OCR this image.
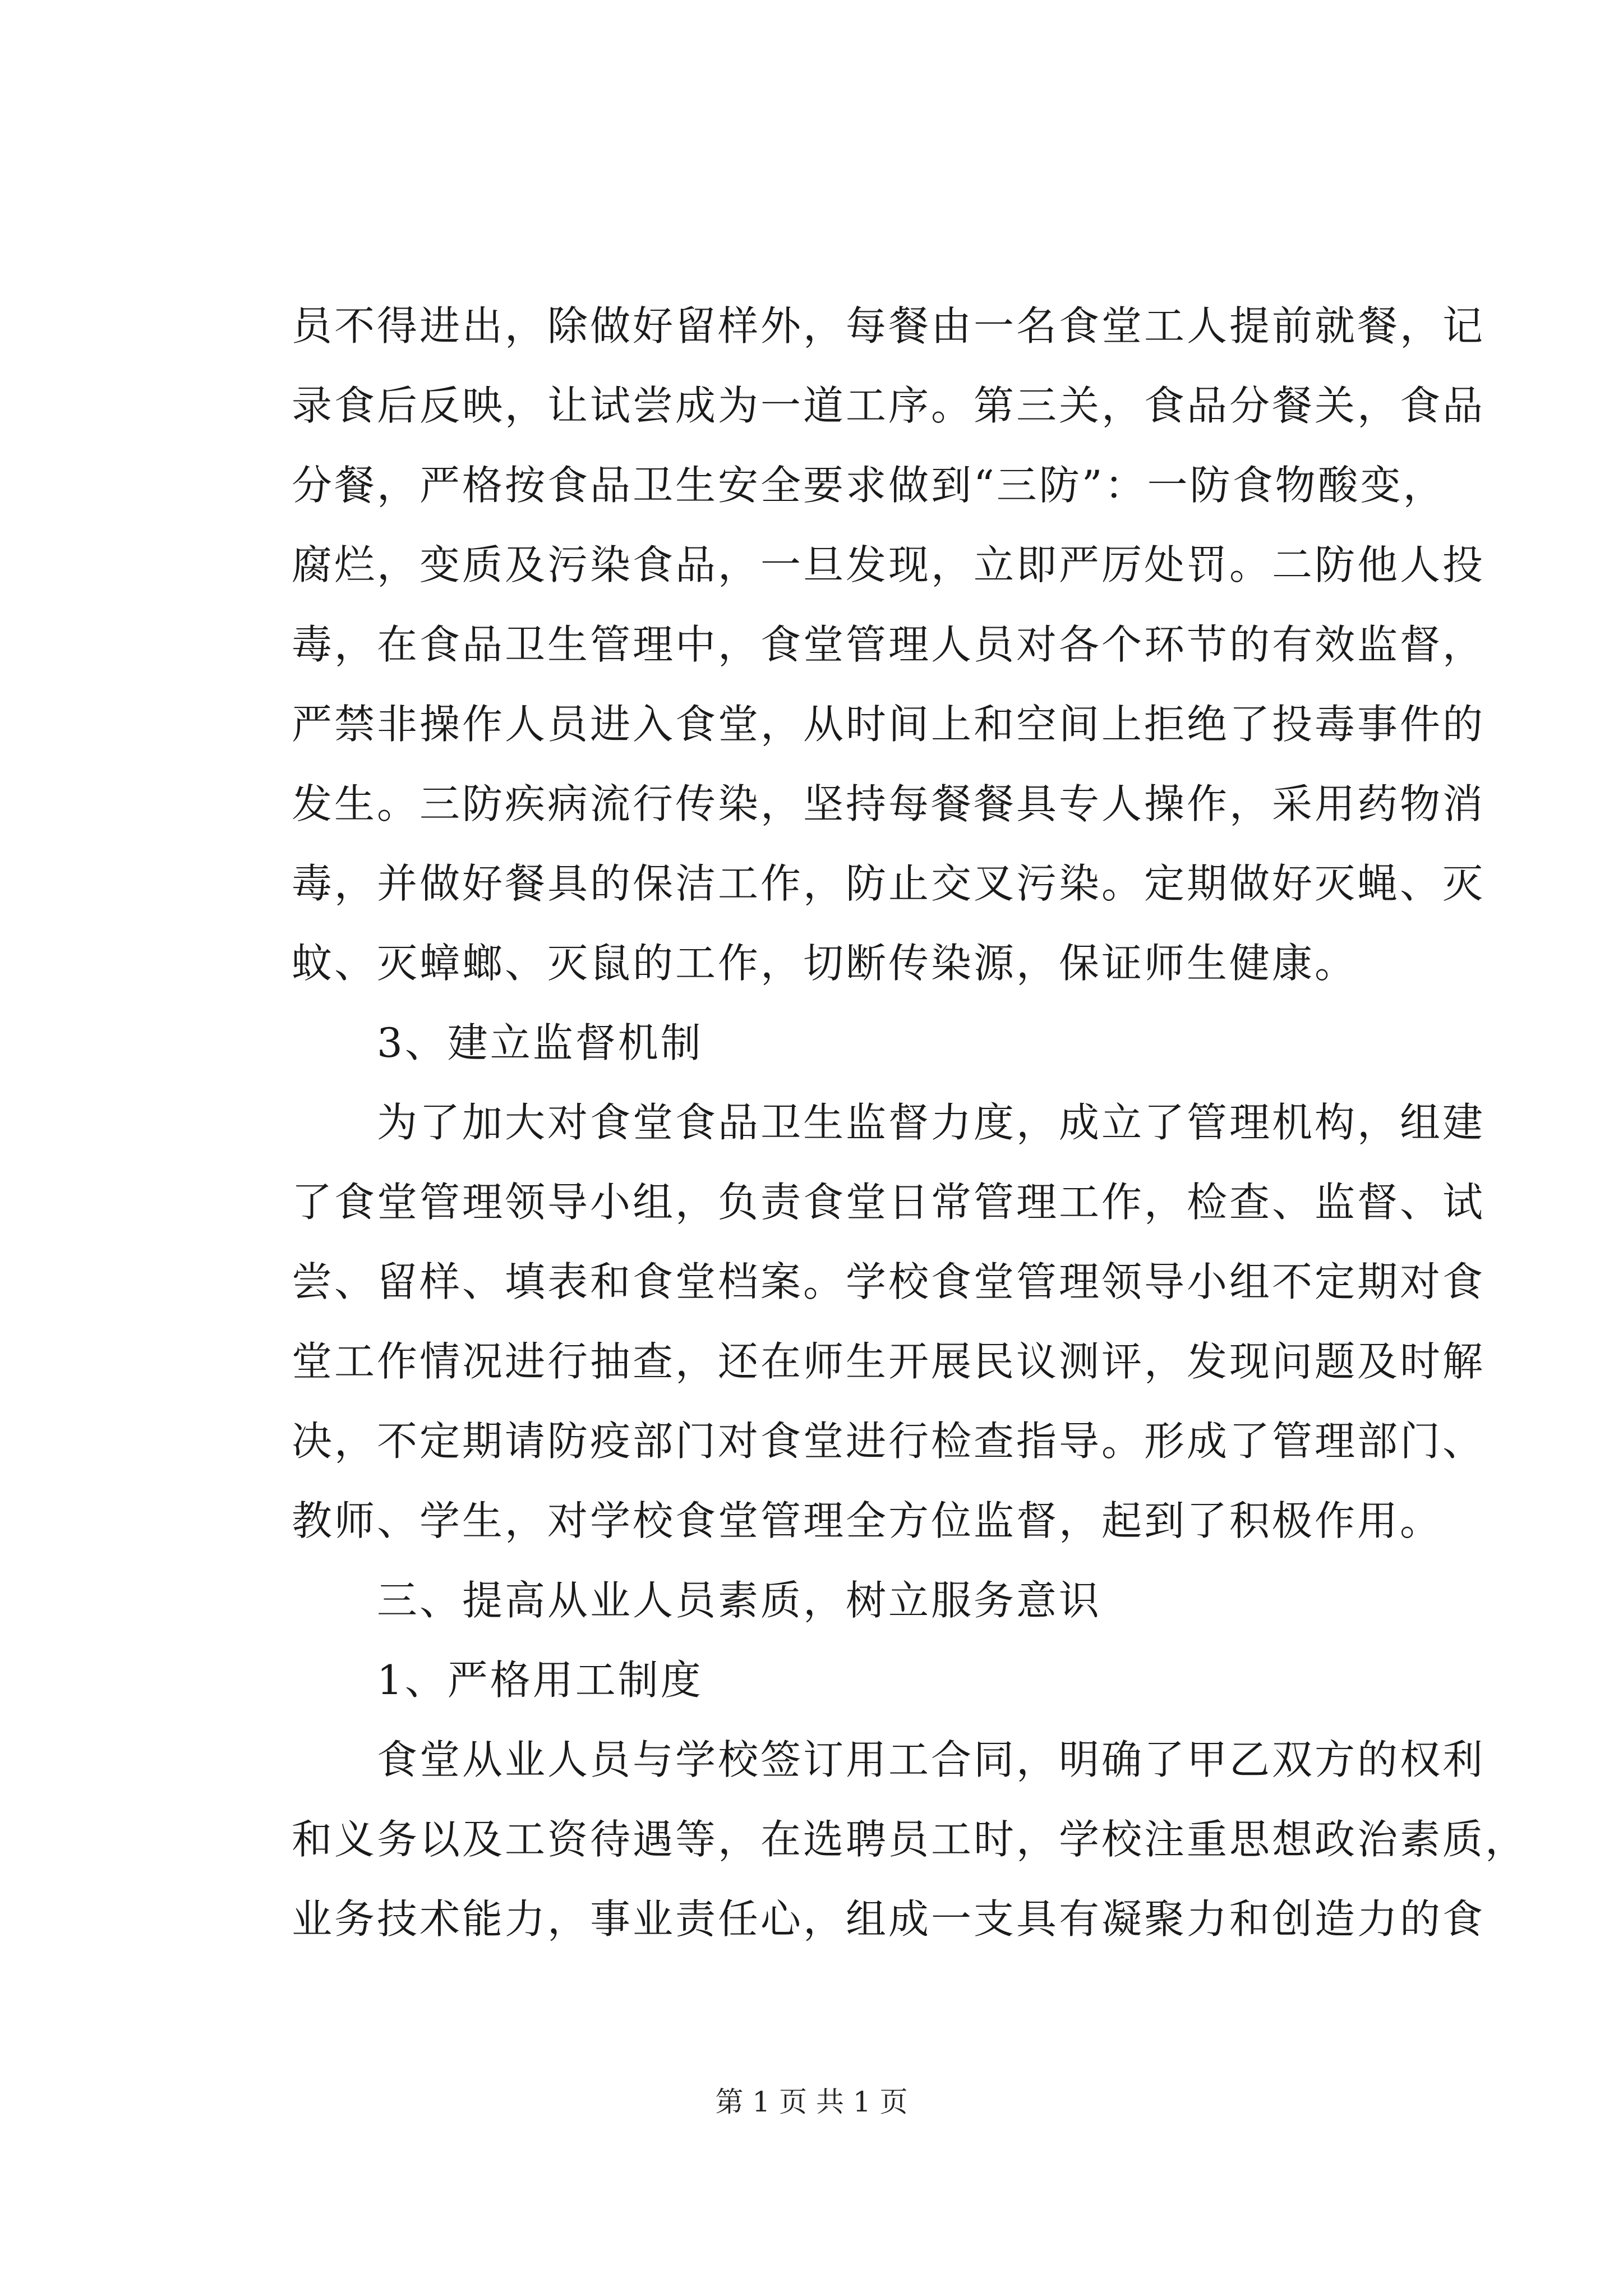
员不得进出，除做好留样外，每餐由一名食堂工人提前就餐，记
录食后反映，让试尝成为一道工序。第三关，食品分餐关，食品
分餐，严格按食品卫生安全要求做到“三防”：一防食物酸变，
腐烂，变质及污染食品，一旦发现，立即严厉处罚。二防他人投
毒，在食品卫生管理中，食堂管理人员对各个环节的有效监督，
严禁非操作人员进入食堂，从时间上和空间上拒绝了投毒事件的
发生。三防疾病流行传染，坚持每餐餐具专人操作，采用药物消
毒，并做好餐具的保洁工作，防止交叉污染。定期做好灭蝇、灭
蚊、灭蟑螂、灭鼠的工作，切断传染源，保证师生健康。
　　3、建立监督机制
　　为了加大对食堂食品卫生监督力度，成立了管理机构，组建
了食堂管理领导小组，负责食堂日常管理工作，检查、监督、试
尝、留样、填表和食堂档案。学校食堂管理领导小组不定期对食
堂工作情况进行抽查，还在师生开展民议测评，发现问题及时解
决，不定期请防疫部门对食堂进行检查指导。形成了管理部门、
教师、学生，对学校食堂管理全方位监督，起到了积极作用。
　　三、提高从业人员素质，树立服务意识
　　1、严格用工制度
　　食堂从业人员与学校签订用工合同，明确了甲乙双方的权利
和义务以及工资待遇等，在选聘员工时，学校注重思想政治素质，
业务技术能力，事业责任心，组成一支具有凝聚力和创造力的食
第 1 页 共 1 页
